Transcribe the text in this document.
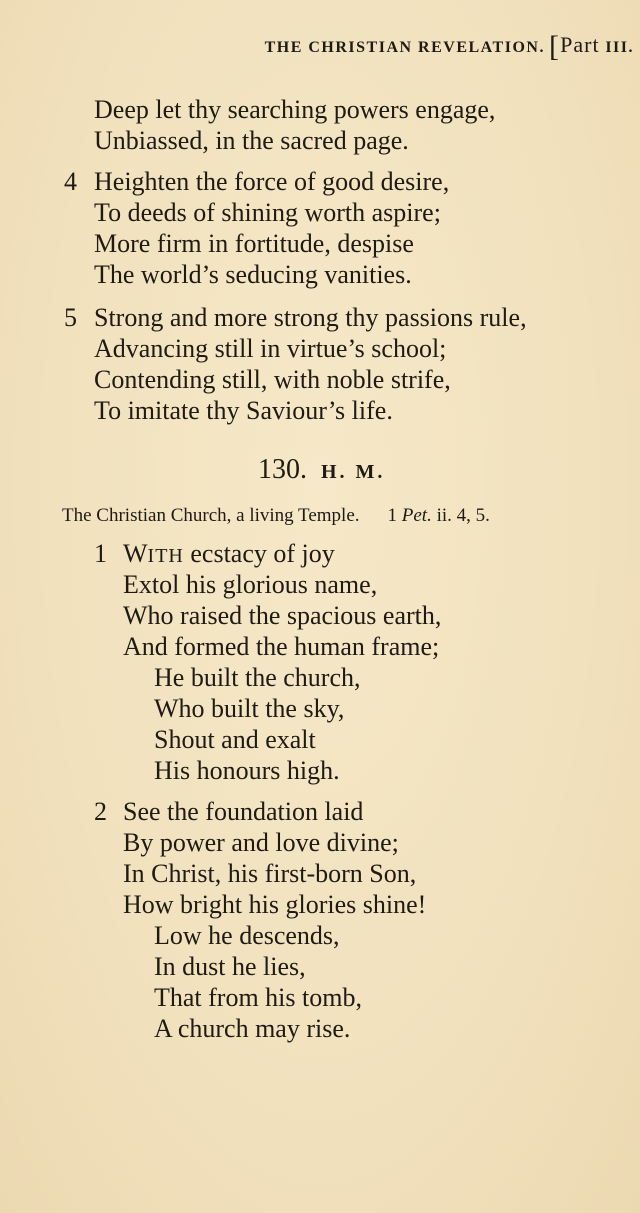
THE CHRISTIAN REVELATION. [Part III.
Deep let thy searching powers engage,
Unbiassed, in the sacred page.
4 Heighten the force of good desire,
To deeds of shining worth aspire;
More firm in fortitude, despise
The world’s seducing vanities.
5 Strong and more strong thy passions rule,
Advancing still in virtue’s school;
Contending still, with noble strife,
To imitate thy Saviour’s life.
130. H. M.
The Christian Church, a living Temple. 1 Pet. ii. 4, 5.
1 WITH ecstacy of joy
Extol his glorious name,
Who raised the spacious earth,
And formed the human frame;
He built the church,
Who built the sky,
Shout and exalt
His honours high.
2 See the foundation laid
By power and love divine;
In Christ, his first-born Son,
How bright his glories shine!
Low he descends,
In dust he lies,
That from his tomb,
A church may rise.
